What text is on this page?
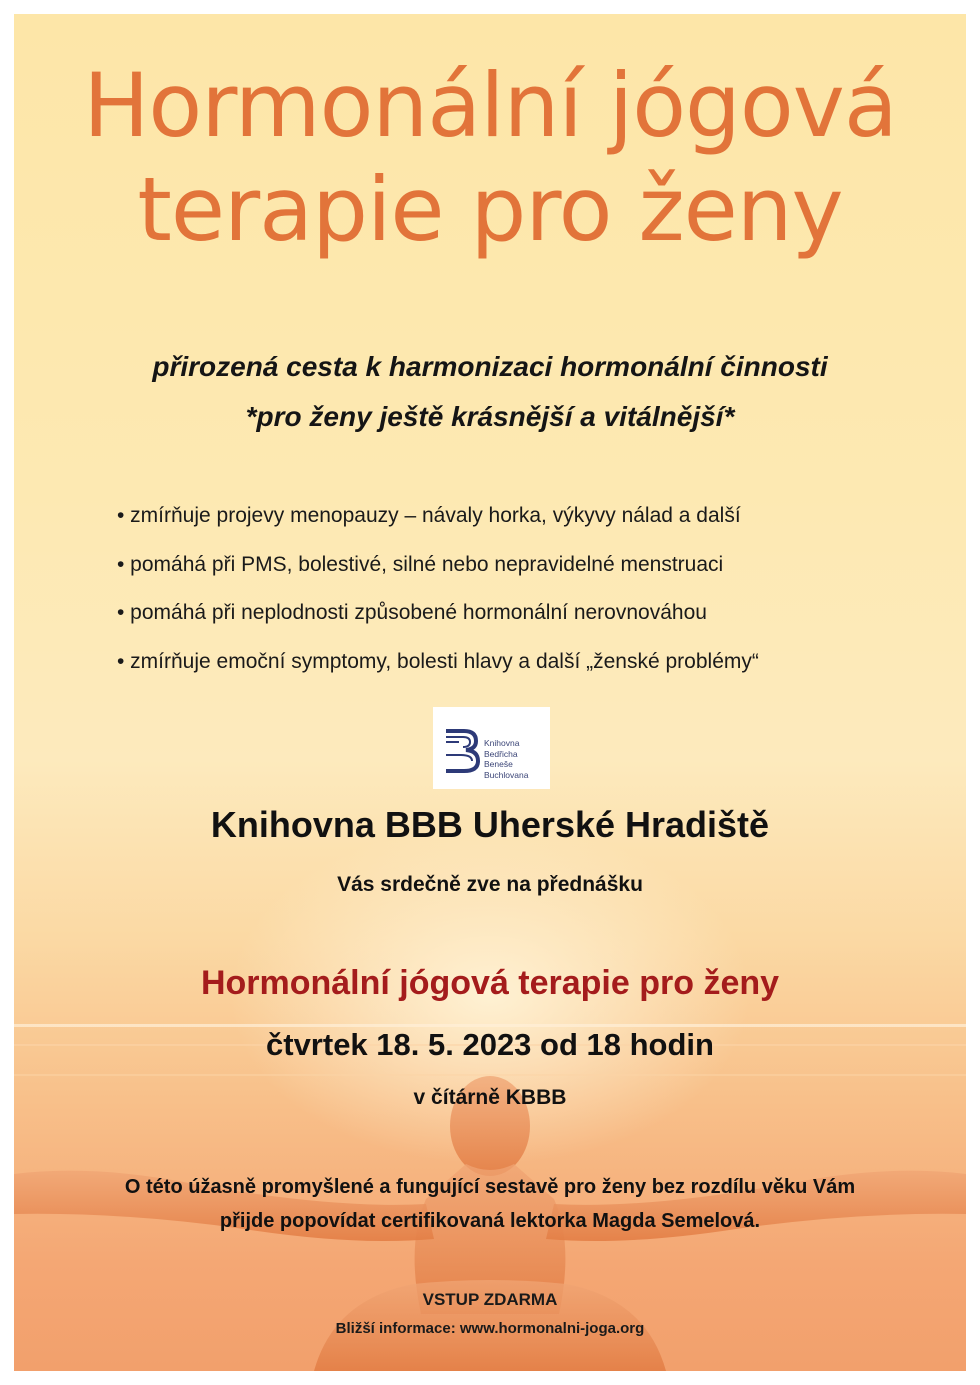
Hormonální jógová
terapie pro ženy
přirozená cesta k harmonizaci hormonální činnosti
*pro ženy ještě krásnější a vitálnější*
• zmírňuje projevy menopauzy – návaly horka, výkyvy nálad a další
• pomáhá při PMS, bolestivé, silné nebo nepravidelné menstruaci
• pomáhá při neplodnosti způsobené hormonální nerovnováhou
• zmírňuje emoční symptomy, bolesti hlavy a další „ženské problémy“
Knihovna
Bedřicha
Beneše
Buchlovana
Knihovna BBB Uherské Hradiště
Vás srdečně zve na přednášku
Hormonální jógová terapie pro ženy
čtvrtek 18. 5. 2023 od 18 hodin
v čítárně KBBB
O této úžasně promyšlené a fungující sestavě pro ženy bez rozdílu věku Vám
přijde popovídat certifikovaná lektorka Magda Semelová.
VSTUP ZDARMA
Bližší informace: www.hormonalni-joga.org
